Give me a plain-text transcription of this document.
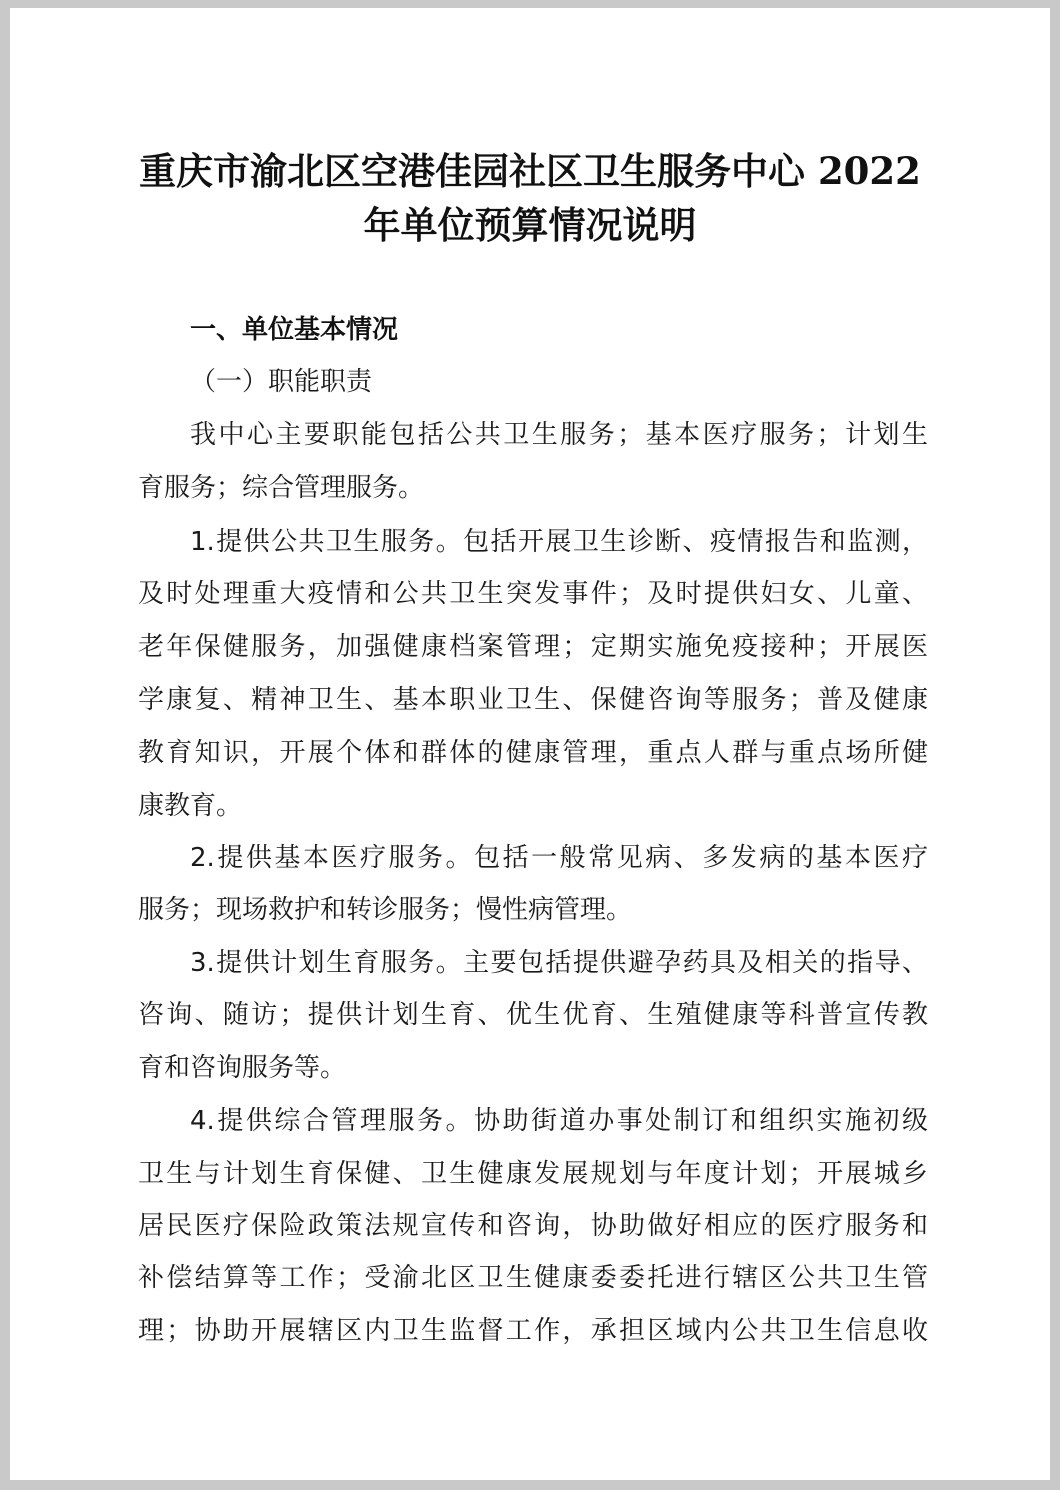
重庆市渝北区空港佳园社区卫生服务中心 2022
年单位预算情况说明

一、单位基本情况

（一）职能职责

我中心主要职能包括公共卫生服务；基本医疗服务；计划生

育服务；综合管理服务。

1.提供公共卫生服务。包括开展卫生诊断、疫情报告和监测，

及时处理重大疫情和公共卫生突发事件；及时提供妇女、儿童、

老年保健服务，加强健康档案管理；定期实施免疫接种；开展医

学康复、精神卫生、基本职业卫生、保健咨询等服务；普及健康

教育知识，开展个体和群体的健康管理，重点人群与重点场所健

康教育。

2.提供基本医疗服务。包括一般常见病、多发病的基本医疗

服务；现场救护和转诊服务；慢性病管理。

3.提供计划生育服务。主要包括提供避孕药具及相关的指导、

咨询、随访；提供计划生育、优生优育、生殖健康等科普宣传教

育和咨询服务等。

4.提供综合管理服务。协助街道办事处制订和组织实施初级

卫生与计划生育保健、卫生健康发展规划与年度计划；开展城乡

居民医疗保险政策法规宣传和咨询，协助做好相应的医疗服务和

补偿结算等工作；受渝北区卫生健康委委托进行辖区公共卫生管

理；协助开展辖区内卫生监督工作，承担区域内公共卫生信息收
